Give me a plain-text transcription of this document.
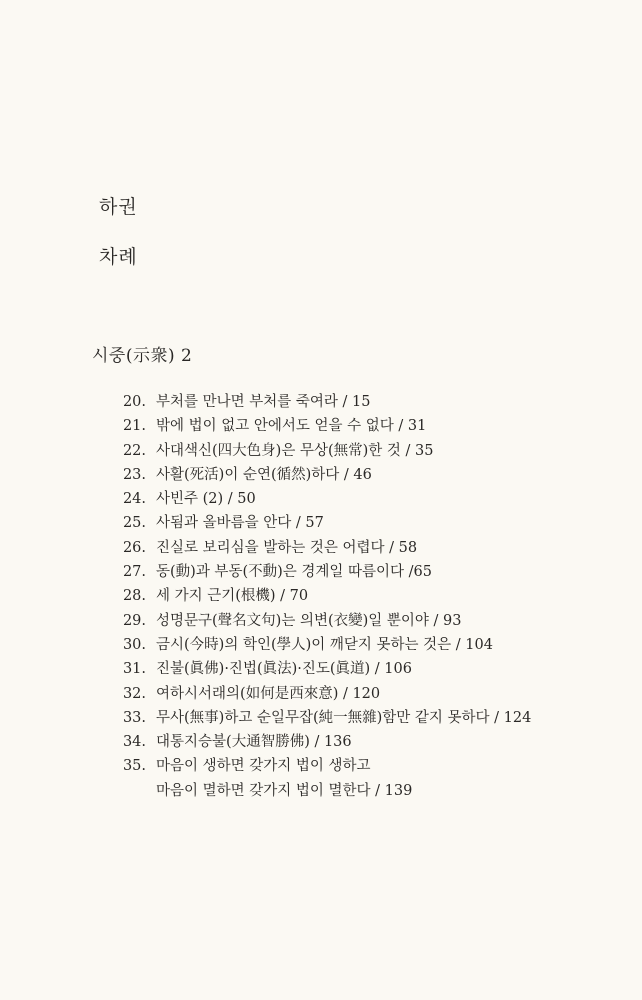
하권
차례
시중(示衆) 2
20. 부처를 만나면 부처를 죽여라 / 15
21. 밖에 법이 없고 안에서도 얻을 수 없다 / 31
22. 사대색신(四大色身)은 무상(無常)한 것 / 35
23. 사활(死活)이 순연(循然)하다 / 46
24. 사빈주 (2) / 50
25. 사됨과 올바름을 안다 / 57
26. 진실로 보리심을 발하는 것은 어렵다 / 58
27. 동(動)과 부동(不動)은 경계일 따름이다 /65
28. 세 가지 근기(根機) / 70
29. 성명문구(聲名文句)는 의변(衣變)일 뿐이야 / 93
30. 금시(今時)의 학인(學人)이 깨닫지 못하는 것은 / 104
31. 진불(眞佛)·진법(眞法)·진도(眞道) / 106
32. 여하시서래의(如何是西來意) / 120
33. 무사(無事)하고 순일무잡(純一無雜)함만 같지 못하다 / 124
34. 대통지승불(大通智勝佛) / 136
35. 마음이 생하면 갖가지 법이 생하고
마음이 멸하면 갖가지 법이 멸한다 / 139
